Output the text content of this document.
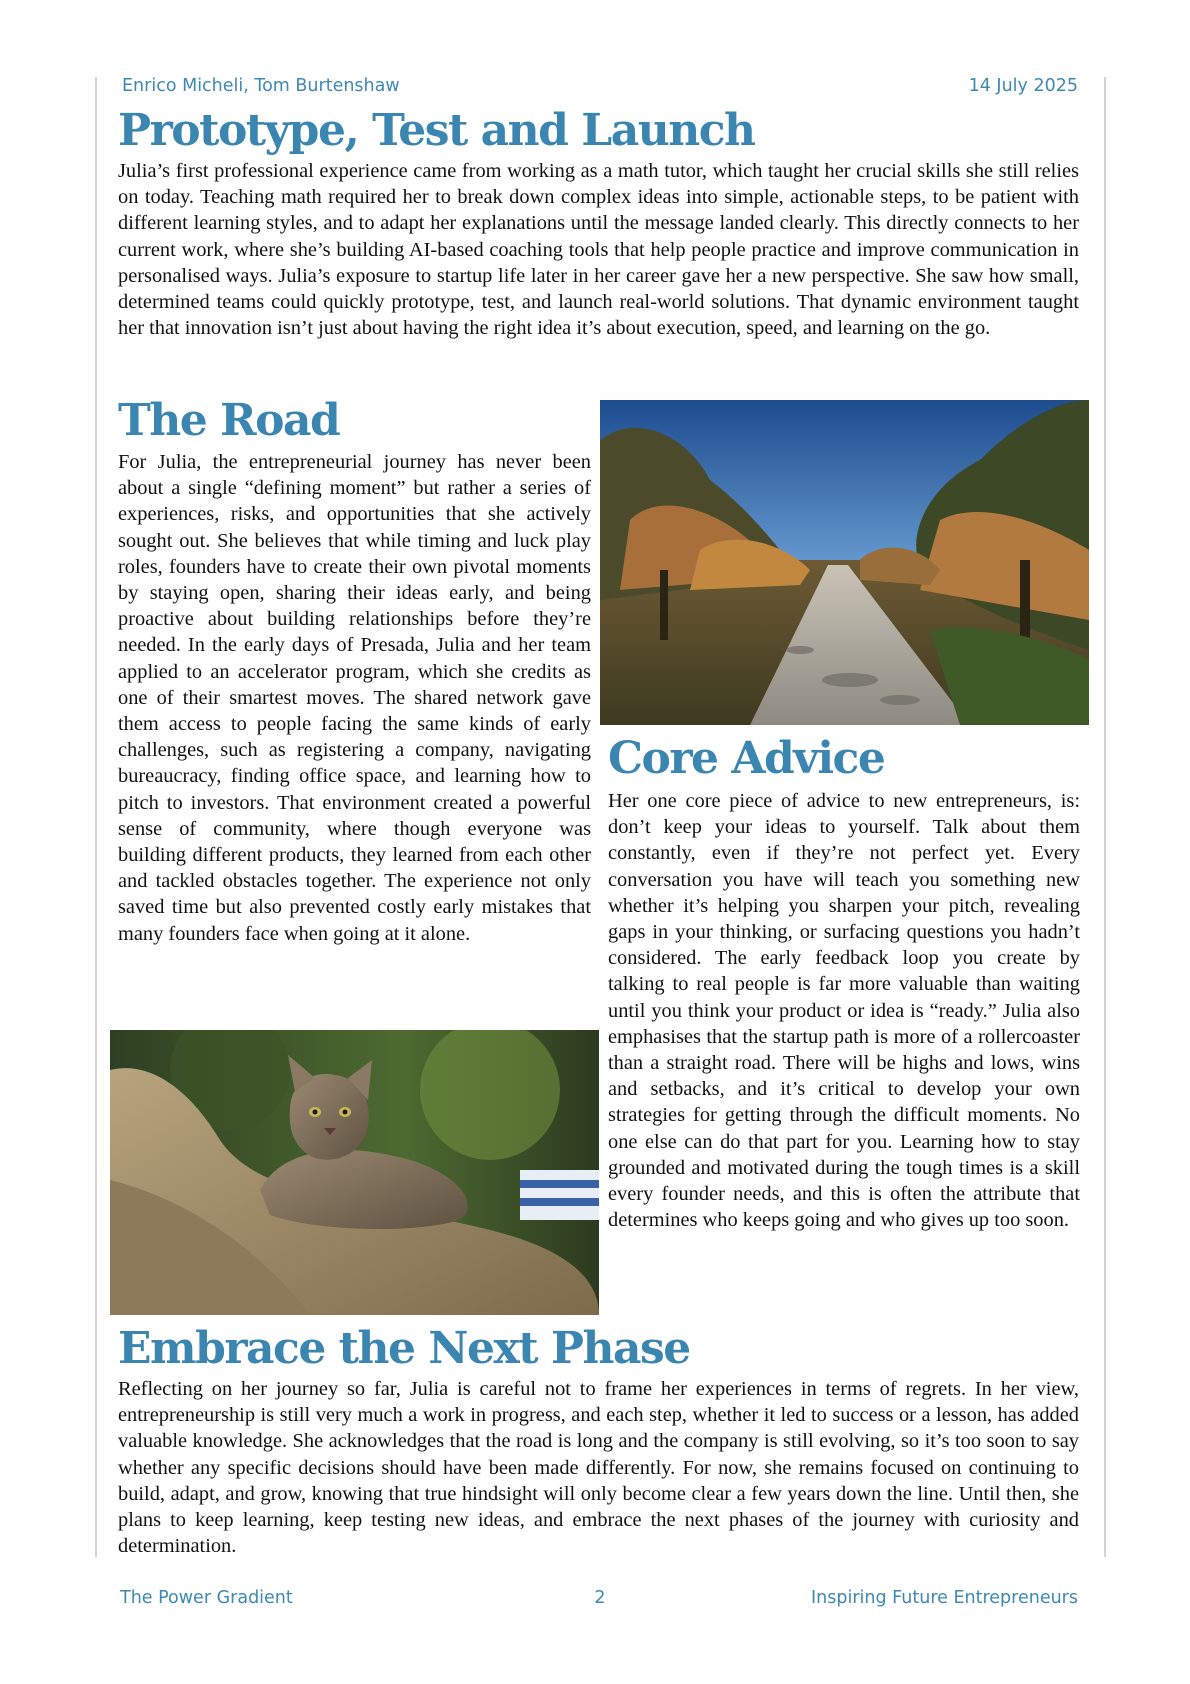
Enrico Micheli, Tom Burtenshaw	14 July 2025
Prototype, Test and Launch

Julia’s first professional experience came from working as a math tutor, which taught her crucial skills she still relies on today. Teaching math required her to break down complex ideas into simple, actionable steps, to be patient with different learning styles, and to adapt her explanations until the message landed clearly. This directly connects to her current work, where she’s building AI-based coaching tools that help people practice and improve communication in personalised ways. Julia’s exposure to startup life later in her career gave her a new perspective. She saw how small, determined teams could quickly prototype, test, and launch real-world solutions. That dynamic environment taught her that innovation isn’t just about having the right idea it’s about execution, speed, and learning on the go.

The Road

For Julia, the entrepreneurial journey has never been about a single “defining moment” but rather a series of experiences, risks, and opportunities that she actively sought out. She believes that while timing and luck play roles, founders have to create their own pivotal moments by staying open, sharing their ideas early, and being proactive about building relationships before they’re needed. In the early days of Presada, Julia and her team applied to an accelerator program, which she credits as one of their smartest moves. The shared network gave them access to people facing the same kinds of early challenges, such as registering a company, navigating bureaucracy, finding office space, and learning how to pitch to investors. That environment created a powerful sense of community, where though everyone was building different products, they learned from each other and tackled obstacles together. The experience not only saved time but also prevented costly early mistakes that many founders face when going at it alone.

Core Advice

Her one core piece of advice to new entrepreneurs, is: don’t keep your ideas to yourself. Talk about them constantly, even if they’re not perfect yet. Every conversation you have will teach you something new whether it’s helping you sharpen your pitch, revealing gaps in your thinking, or surfacing questions you hadn’t considered. The early feedback loop you create by talking to real people is far more valuable than waiting until you think your product or idea is “ready.” Julia also emphasises that the startup path is more of a rollercoaster than a straight road. There will be highs and lows, wins and setbacks, and it’s critical to develop your own strategies for getting through the difficult moments. No one else can do that part for you. Learning how to stay grounded and motivated during the tough times is a skill every founder needs, and this is often the attribute that determines who keeps going and who gives up too soon.

Embrace the Next Phase

Reflecting on her journey so far, Julia is careful not to frame her experiences in terms of regrets. In her view, entrepreneurship is still very much a work in progress, and each step, whether it led to success or a lesson, has added valuable knowledge. She acknowledges that the road is long and the company is still evolving, so it’s too soon to say whether any specific decisions should have been made differently. For now, she remains focused on continuing to build, adapt, and grow, knowing that true hindsight will only become clear a few years down the line. Until then, she plans to keep learning, keep testing new ideas, and embrace the next phases of the journey with curiosity and determination.

The Power Gradient	2	Inspiring Future Entrepreneurs
